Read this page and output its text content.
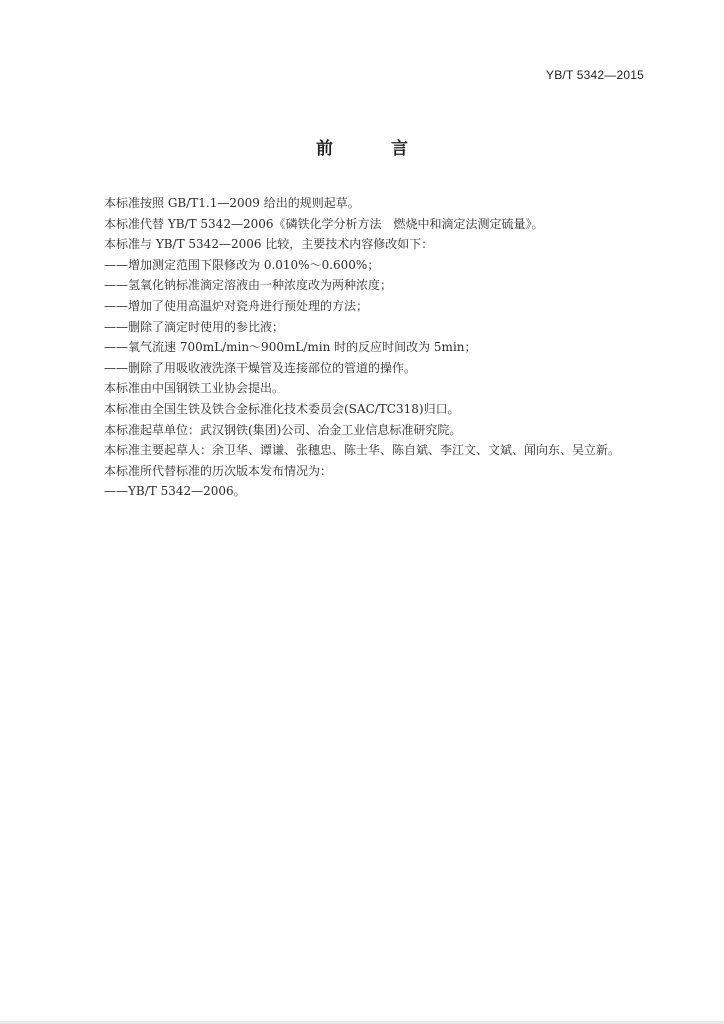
YB/T 5342—2015
前 言
本标准按照 GB/T1.1—2009 给出的规则起草。
本标准代替 YB/T 5342—2006《磷铁化学分析方法　燃烧中和滴定法测定硫量》。
本标准与 YB/T 5342—2006 比较，主要技术内容修改如下：
——增加测定范围下限修改为 0.010%～0.600%；
——氢氧化钠标准滴定溶液由一种浓度改为两种浓度；
——增加了使用高温炉对瓷舟进行预处理的方法；
——删除了滴定时使用的参比液；
——氧气流速 700mL/min～900mL/min 时的反应时间改为 5min；
——删除了用吸收液洗涤干燥管及连接部位的管道的操作。
本标准由中国钢铁工业协会提出。
本标准由全国生铁及铁合金标准化技术委员会(SAC/TC318)归口。
本标准起草单位：武汉钢铁(集团)公司、冶金工业信息标准研究院。
本标准主要起草人：余卫华、谭谦、张穗忠、陈士华、陈自斌、李江文、文斌、闻向东、吴立新。
本标准所代替标准的历次版本发布情况为：
——YB/T 5342—2006。
